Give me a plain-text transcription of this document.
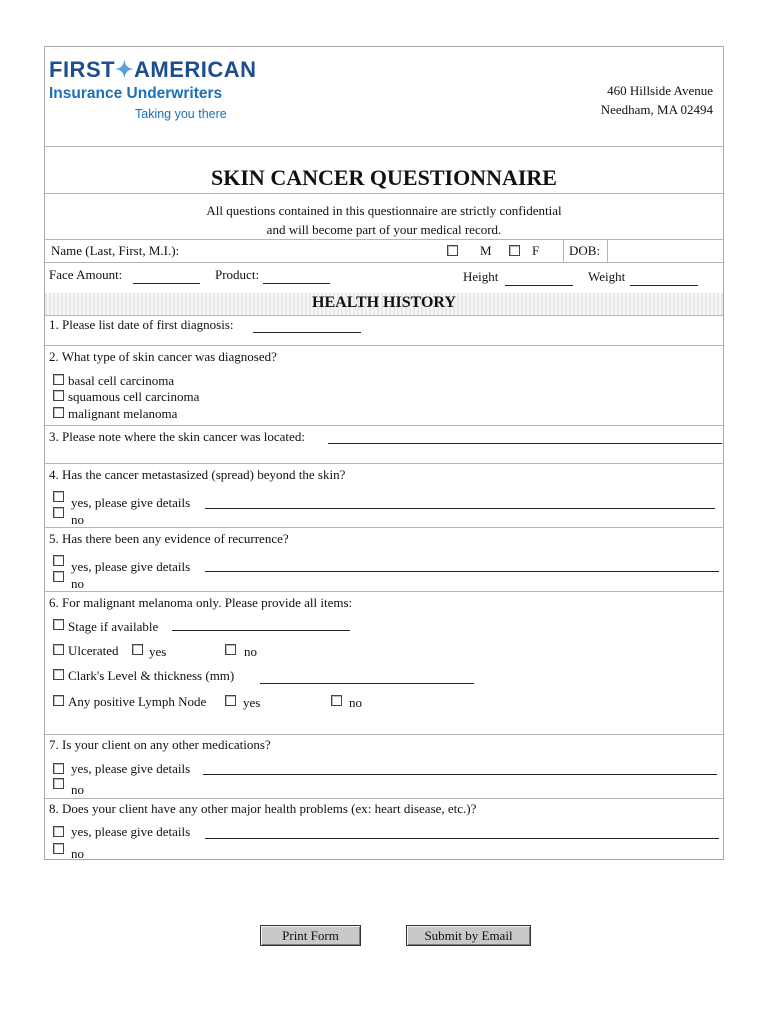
FIRST✦AMERICAN
Insurance Underwriters
Taking you there
460 Hillside Avenue
Needham, MA 02494
SKIN CANCER QUESTIONNAIRE
All questions contained in this questionnaire are strictly confidential
and will become part of your medical record.
Name (Last, First, M.I.):	M	F DOB:
Face Amount:	Product:	Height	Weight
HEALTH HISTORY
1. Please list date of first diagnosis:
2. What type of skin cancer was diagnosed?
basal cell carcinoma
squamous cell carcinoma
malignant melanoma
3. Please note where the skin cancer was located:
4. Has the cancer metastasized (spread) beyond the skin?
yes, please give details
no
5. Has there been any evidence of recurrence?
yes, please give details
no
6. For malignant melanoma only. Please provide all items:
Stage if available
Ulcerated yes	no
Clark's Level & thickness (mm)
Any positive Lymph Node	yes	no
7. Is your client on any other medications?
yes, please give details
no
8. Does your client have any other major health problems (ex: heart disease, etc.)?
yes, please give details
no
Print Form	Submit by Email
